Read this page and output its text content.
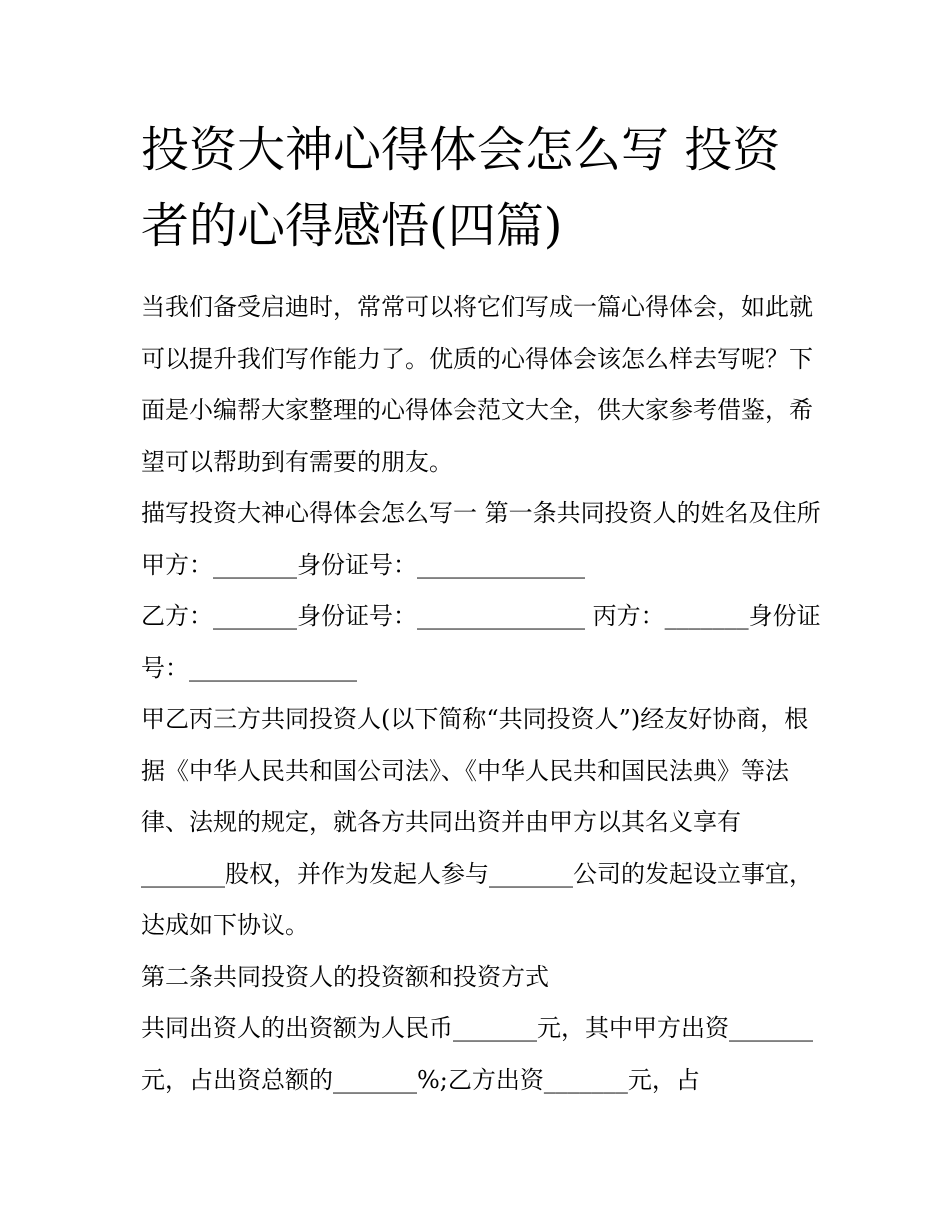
投资大神心得体会怎么写 投资者的心得感悟(四篇)

当我们备受启迪时，常常可以将它们写成一篇心得体会，如此就可以提升我们写作能力了。优质的心得体会该怎么样去写呢？下面是小编帮大家整理的心得体会范文大全，供大家参考借鉴，希望可以帮助到有需要的朋友。

描写投资大神心得体会怎么写一 第一条共同投资人的姓名及住所 甲方：_______身份证号：______________

乙方：_______身份证号：______________ 丙方：_______身份证号：______________

甲乙丙三方共同投资人(以下简称“共同投资人”)经友好协商，根据《中华人民共和国公司法》、《中华人民共和国民法典》等法律、法规的规定，就各方共同出资并由甲方以其名义享有_______股权，并作为发起人参与_______公司的发起设立事宜，达成如下协议。

第二条共同投资人的投资额和投资方式

共同出资人的出资额为人民币_______元，其中甲方出资_______元，占出资总额的_______%;乙方出资_______元，占
